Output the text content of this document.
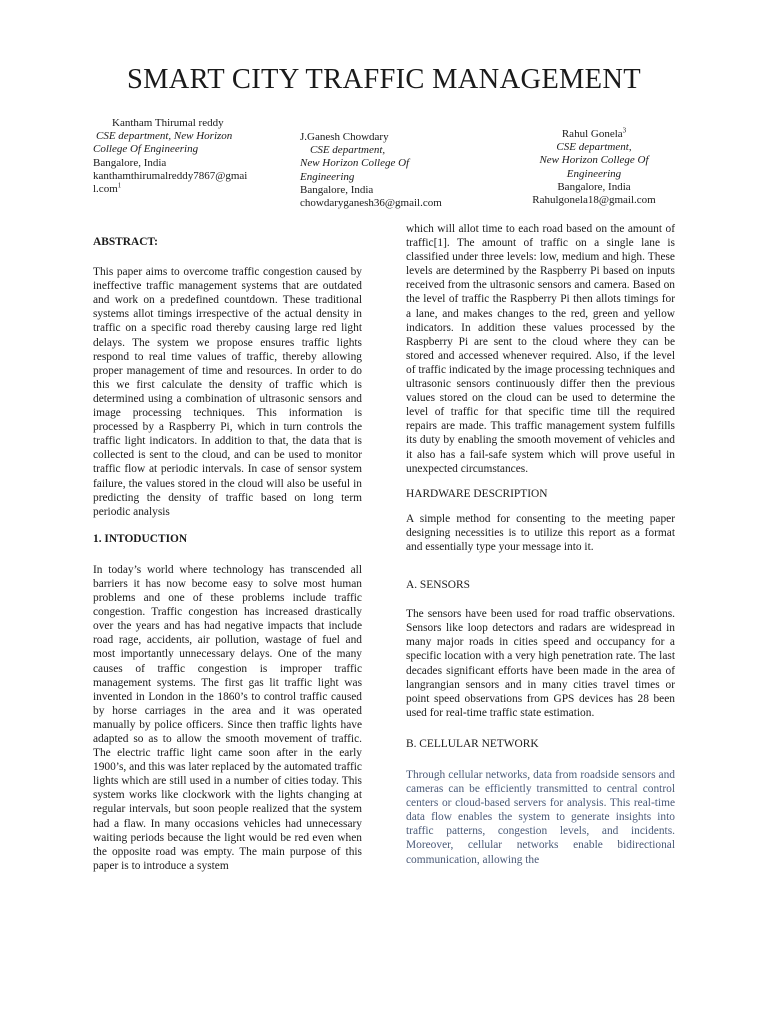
SMART CITY TRAFFIC MANAGEMENT
Kantham Thirumal reddy
CSE department, New Horizon
College Of Engineering
Bangalore, India
kanthamthirumalreddy7867@gmai
l.com$^1$
J.Ganesh Chowdary
CSE department,
New Horizon College Of
Engineering
Bangalore, India
chowdaryganesh36@gmail.com
Rahul Gonela$^3$
CSE department,
New Horizon College Of
Engineering
Bangalore, India
Rahulgonela18@gmail.com

ABSTRACT:

This paper aims to overcome traffic congestion caused by ineffective traffic management systems that are outdated and work on a predefined countdown. These traditional systems allot timings irrespective of the actual density in traffic on a specific road thereby causing large red light delays. The system we propose ensures traffic lights respond to real time values of traffic, thereby allowing proper management of time and resources. In order to do this we first calculate the density of traffic which is determined using a combination of ultrasonic sensors and image processing techniques. This information is processed by a Raspberry Pi, which in turn controls the traffic light indicators. In addition to that, the data that is collected is sent to the cloud, and can be used to monitor traffic flow at periodic intervals. In case of sensor system failure, the values stored in the cloud will also be useful in predicting the density of traffic based on long term periodic analysis

1. INTODUCTION

In today’s world where technology has transcended all barriers it has now become easy to solve most human problems and one of these problems include traffic congestion. Traffic congestion has increased drastically over the years and has had negative impacts that include road rage, accidents, air pollution, wastage of fuel and most importantly unnecessary delays. One of the many causes of traffic congestion is improper traffic management systems. The first gas lit traffic light was invented in London in the 1860’s to control traffic caused by horse carriages in the area and it was operated manually by police officers. Since then traffic lights have adapted so as to allow the smooth movement of traffic. The electric traffic light came soon after in the early 1900’s, and this was later replaced by the automated traffic lights which are still used in a number of cities today. This system works like clockwork with the lights changing at regular intervals, but soon people realized that the system had a flaw. In many occasions vehicles had unnecessary waiting periods because the light would be red even when the opposite road was empty. The main purpose of this paper is to introduce a system

which will allot time to each road based on the amount of traffic[1]. The amount of traffic on a single lane is classified under three levels: low, medium and high. These levels are determined by the Raspberry Pi based on inputs received from the ultrasonic sensors and camera. Based on the level of traffic the Raspberry Pi then allots timings for a lane, and makes changes to the red, green and yellow indicators. In addition these values processed by the Raspberry Pi are sent to the cloud where they can be stored and accessed whenever required. Also, if the level of traffic indicated by the image processing techniques and ultrasonic sensors continuously differ then the previous values stored on the cloud can be used to determine the level of traffic for that specific time till the required repairs are made. This traffic management system fulfills its duty by enabling the smooth movement of vehicles and it also has a fail-safe system which will prove useful in unexpected circumstances.

HARDWARE DESCRIPTION

A simple method for consenting to the meeting paper designing necessities is to utilize this report as a format and essentially type your message into it.

A. SENSORS

The sensors have been used for road traffic observations. Sensors like loop detectors and radars are widespread in many major roads in cities speed and occupancy for a specific location with a very high penetration rate. The last decades significant efforts have been made in the area of langrangian sensors and in many cities travel times or point speed observations from GPS devices has 28 been used for real-time traffic state estimation.

B. CELLULAR NETWORK

Through cellular networks, data from roadside sensors and cameras can be efficiently transmitted to central control centers or cloud-based servers for analysis. This real-time data flow enables the system to generate insights into traffic patterns, congestion levels, and incidents. Moreover, cellular networks enable bidirectional communication, allowing the
